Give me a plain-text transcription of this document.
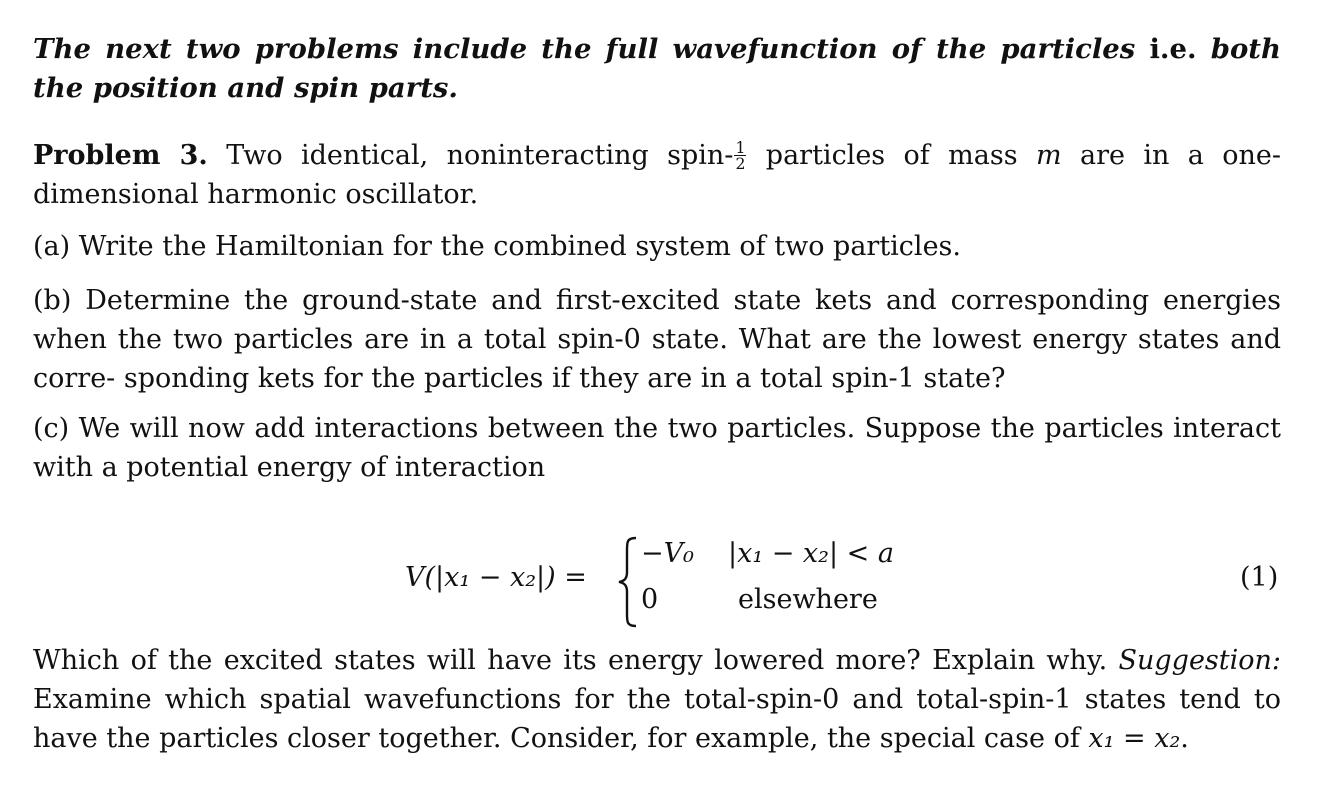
The next two problems include the full wavefunction of the particles i.e. both the position and spin parts.
Problem 3. Two identical, noninteracting spin- $\frac{1}{2}$ particles of mass m are in a one-dimensional harmonic oscillator.
(a) Write the Hamiltonian for the combined system of two particles.
(b) Determine the ground-state and first-excited state kets and corresponding energies when the two particles are in a total spin-0 state. What are the lowest energy states and corre- sponding kets for the particles if they are in a total spin-1 state?
(c) We will now add interactions between the two particles. Suppose the particles interact with a potential energy of interaction
V(|x₁ − x₂|) =
−V₀ |x₁ − x₂| < a
0	elsewhere
(1)
Which of the excited states will have its energy lowered more? Explain why. Suggestion: Examine which spatial wavefunctions for the total-spin-0 and total-spin-1 states tend to have the particles closer together. Consider, for example, the special case of x₁ = x₂.
